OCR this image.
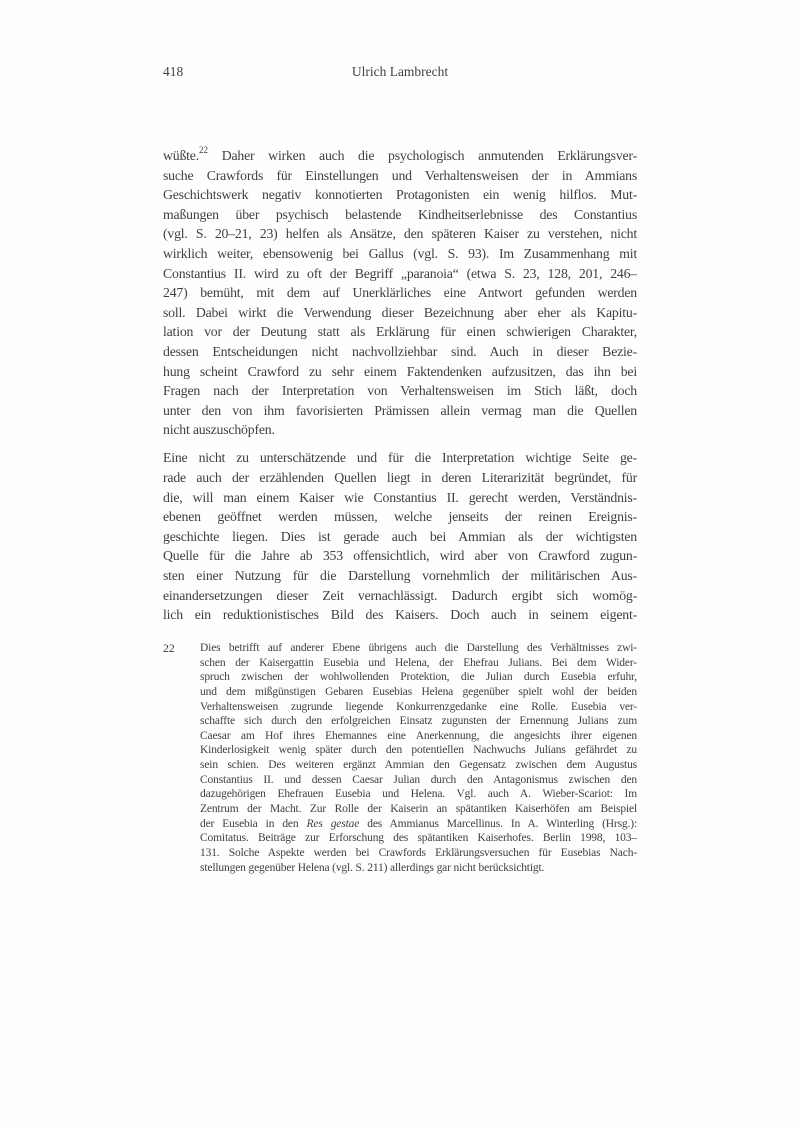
418	Ulrich Lambrecht
wüßte.$^{22}$ Daher wirken auch die psychologisch anmutenden Erklärungsver-
suche Crawfords für Einstellungen und Verhaltensweisen der in Ammians
Geschichtswerk negativ konnotierten Protagonisten ein wenig hilflos. Mut-
maßungen über psychisch belastende Kindheitserlebnisse des Constantius
(vgl. S. 20–21, 23) helfen als Ansätze, den späteren Kaiser zu verstehen, nicht
wirklich weiter, ebensowenig bei Gallus (vgl. S. 93). Im Zusammenhang mit
Constantius II. wird zu oft der Begriff „paranoia“ (etwa S. 23, 128, 201, 246–
247) bemüht, mit dem auf Unerklärliches eine Antwort gefunden werden
soll. Dabei wirkt die Verwendung dieser Bezeichnung aber eher als Kapitu-
lation vor der Deutung statt als Erklärung für einen schwierigen Charakter,
dessen Entscheidungen nicht nachvollziehbar sind. Auch in dieser Bezie-
hung scheint Crawford zu sehr einem Faktendenken aufzusitzen, das ihn bei
Fragen nach der Interpretation von Verhaltensweisen im Stich läßt, doch
unter den von ihm favorisierten Prämissen allein vermag man die Quellen
nicht auszuschöpfen.
Eine nicht zu unterschätzende und für die Interpretation wichtige Seite ge-
rade auch der erzählenden Quellen liegt in deren Literarizität begründet, für
die, will man einem Kaiser wie Constantius II. gerecht werden, Verständnis-
ebenen geöffnet werden müssen, welche jenseits der reinen Ereignis-
geschichte liegen. Dies ist gerade auch bei Ammian als der wichtigsten
Quelle für die Jahre ab 353 offensichtlich, wird aber von Crawford zugun-
sten einer Nutzung für die Darstellung vornehmlich der militärischen Aus-
einandersetzungen dieser Zeit vernachlässigt. Dadurch ergibt sich womög-
lich ein reduktionistisches Bild des Kaisers. Doch auch in seinem eigent-
22 Dies betrifft auf anderer Ebene übrigens auch die Darstellung des Verhältnisses zwi-
schen der Kaisergattin Eusebia und Helena, der Ehefrau Julians. Bei dem Wider-
spruch zwischen der wohlwollenden Protektion, die Julian durch Eusebia erfuhr,
und dem mißgünstigen Gebaren Eusebias Helena gegenüber spielt wohl der beiden
Verhaltensweisen zugrunde liegende Konkurrenzgedanke eine Rolle. Eusebia ver-
schaffte sich durch den erfolgreichen Einsatz zugunsten der Ernennung Julians zum
Caesar am Hof ihres Ehemannes eine Anerkennung, die angesichts ihrer eigenen
Kinderlosigkeit wenig später durch den potentiellen Nachwuchs Julians gefährdet zu
sein schien. Des weiteren ergänzt Ammian den Gegensatz zwischen dem Augustus
Constantius II. und dessen Caesar Julian durch den Antagonismus zwischen den
dazugehörigen Ehefrauen Eusebia und Helena. Vgl. auch A. Wieber-Scariot: Im
Zentrum der Macht. Zur Rolle der Kaiserin an spätantiken Kaiserhöfen am Beispiel
der Eusebia in den Res gestae des Ammianus Marcellinus. In A. Winterling (Hrsg.):
Comitatus. Beiträge zur Erforschung des spätantiken Kaiserhofes. Berlin 1998, 103–
131. Solche Aspekte werden bei Crawfords Erklärungsversuchen für Eusebias Nach-
stellungen gegenüber Helena (vgl. S. 211) allerdings gar nicht berücksichtigt.
